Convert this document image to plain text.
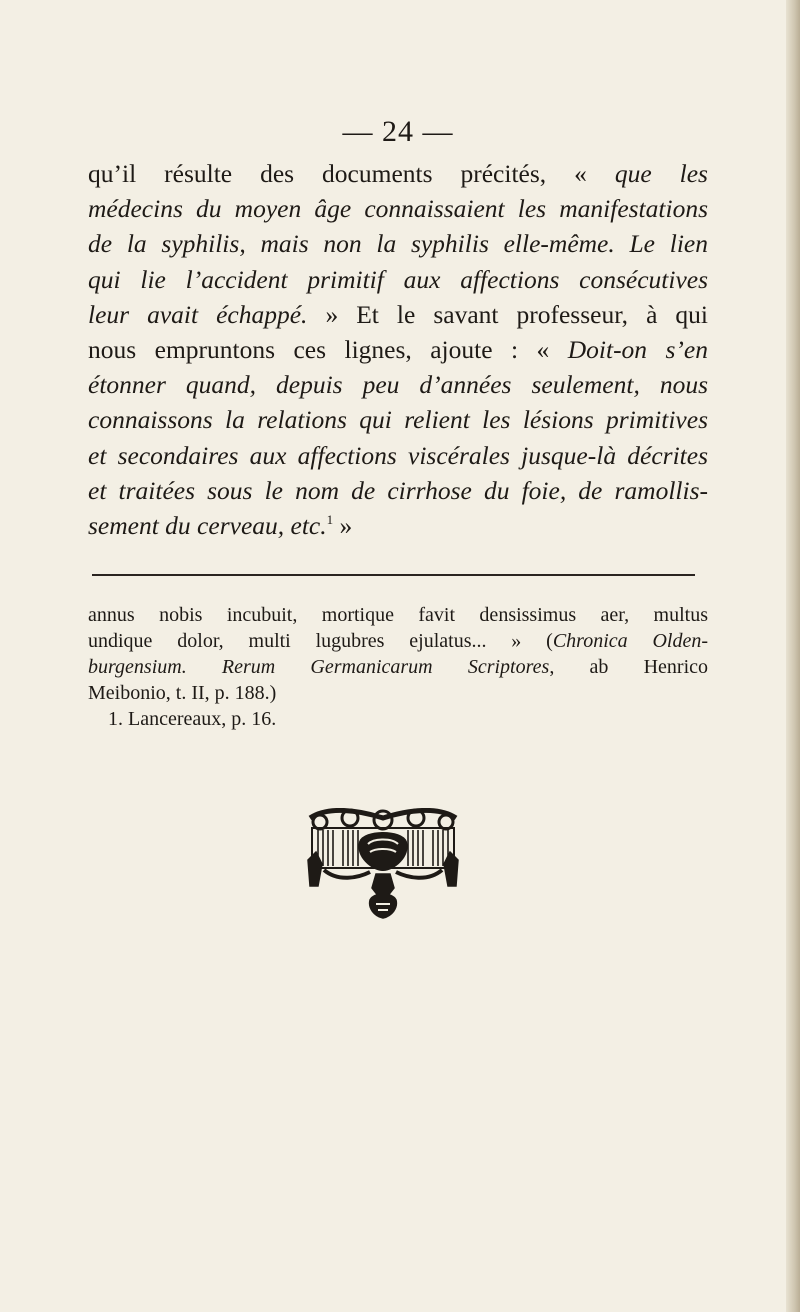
— 24 —

qu’il résulte des documents précités, « que les
médecins du moyen âge connaissaient les manifestations
de la syphilis, mais non la syphilis elle-même. Le lien
qui lie l’accident primitif aux affections consécutives
leur avait échappé. » Et le savant professeur, à qui
nous empruntons ces lignes, ajoute : « Doit-on s’en
étonner quand, depuis peu d’années seulement, nous
connaissons la relations qui relient les lésions primitives
et secondaires aux affections viscérales jusque-là décrites
et traitées sous le nom de cirrhose du foie, de ramollis-
sement du cerveau, etc.$^1$ »

annus nobis incubuit, mortique favit densissimus aer, multus
undique dolor, multi lugubres ejulatus... » (Chronica Olden-
burgensium. Rerum Germanicarum Scriptores, ab Henrico
Meibonio, t. II, p. 188.)
1. Lancereaux, p. 16.
